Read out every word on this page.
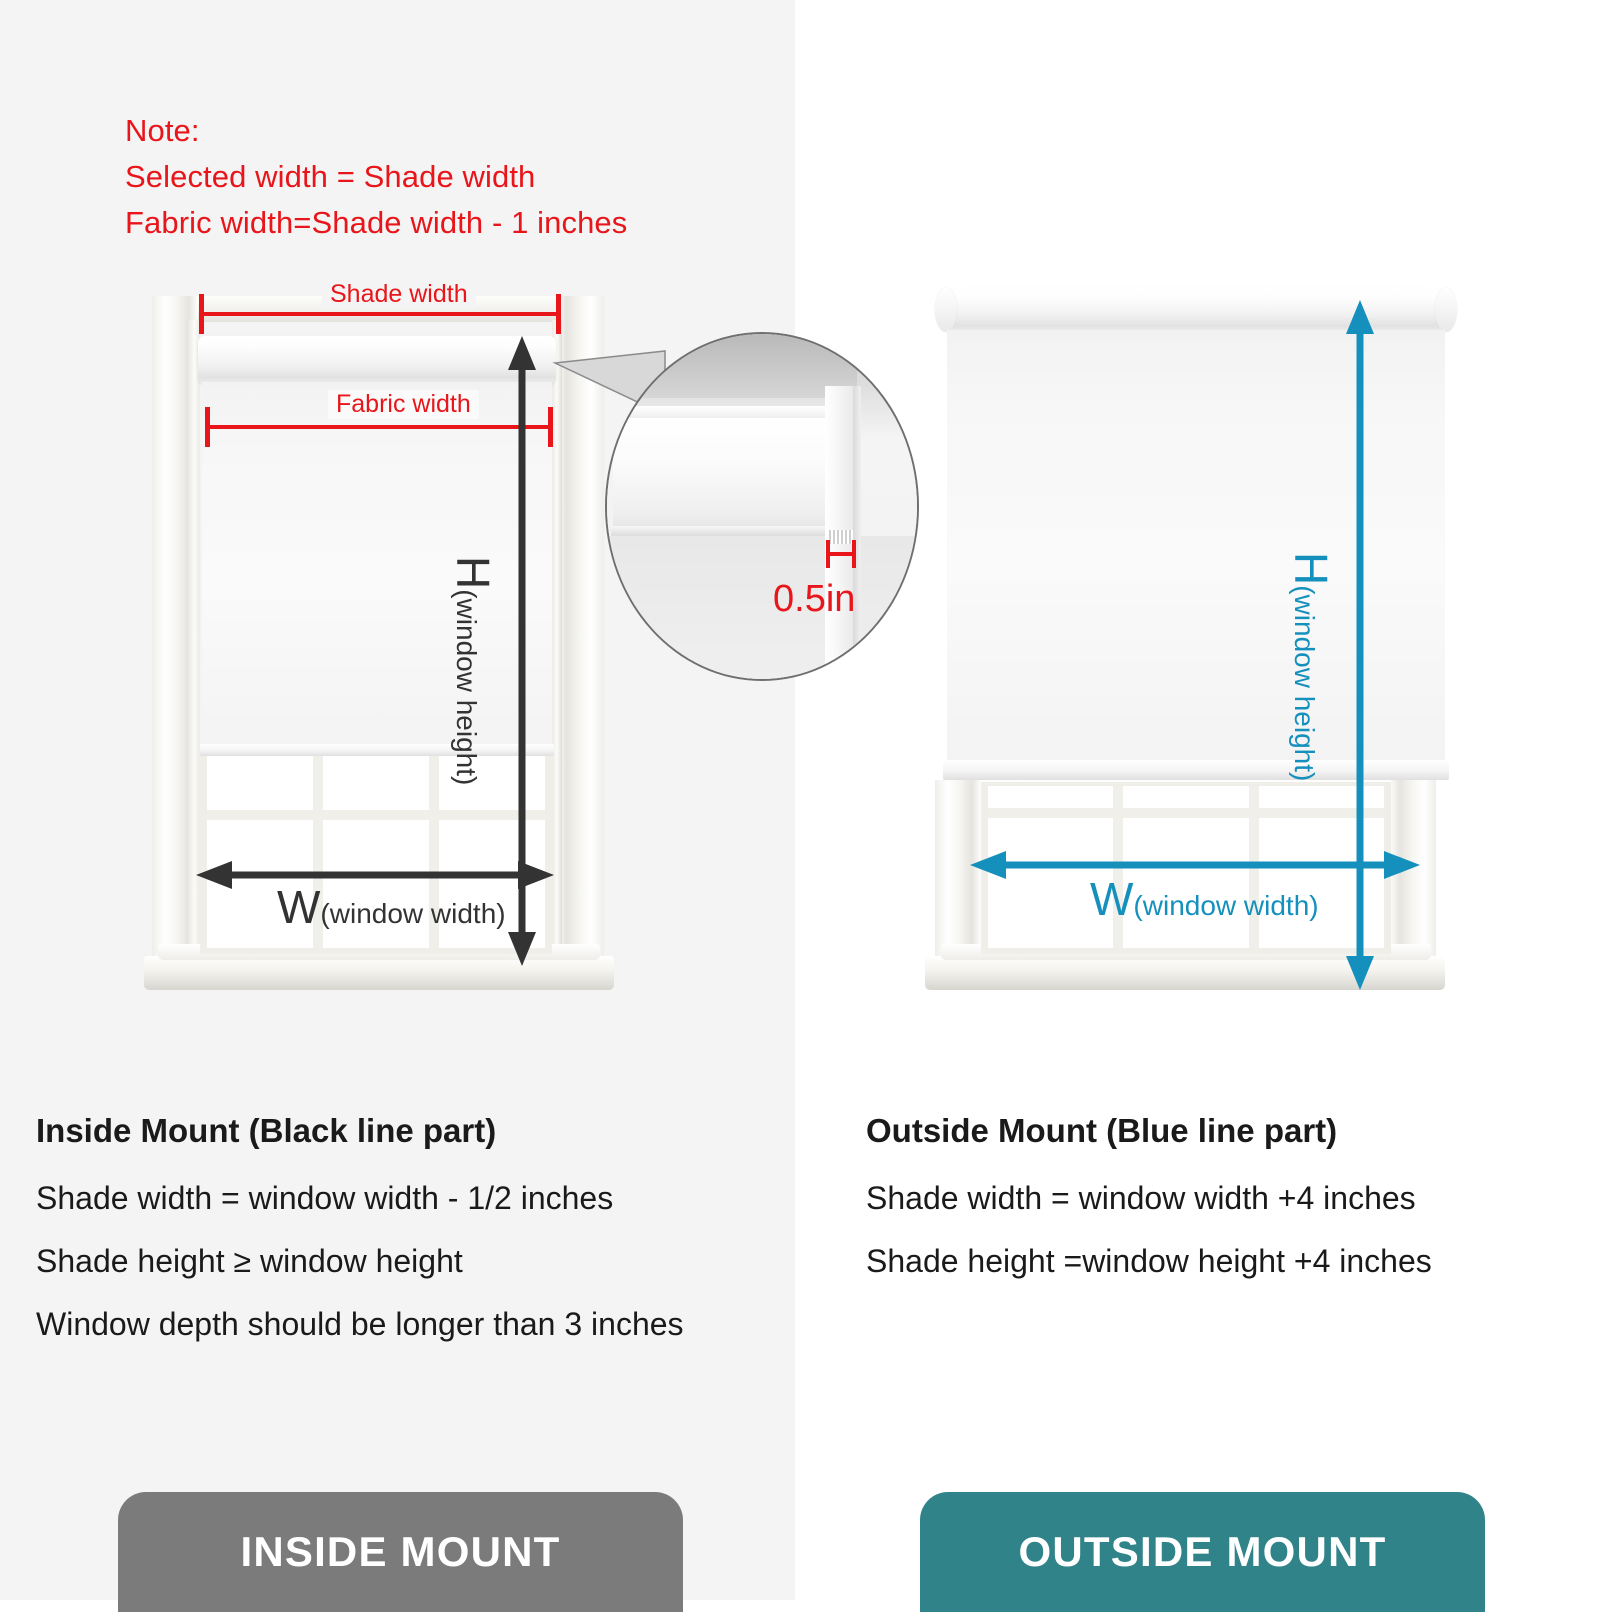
Note:
Selected width = Shade width
Fabric width=Shade width - 1 inches
Shade width
Fabric width
H(window height)
W(window width)
0.5in
H(window height)
W(window width)
Inside Mount (Black line part)
Shade width = window width - 1/2 inches
Shade height ≥ window height
Window depth should be longer than 3 inches
Outside Mount (Blue line part)
Shade width = window width +4 inches
Shade height =window height +4 inches
INSIDE MOUNT	OUTSIDE MOUNT
